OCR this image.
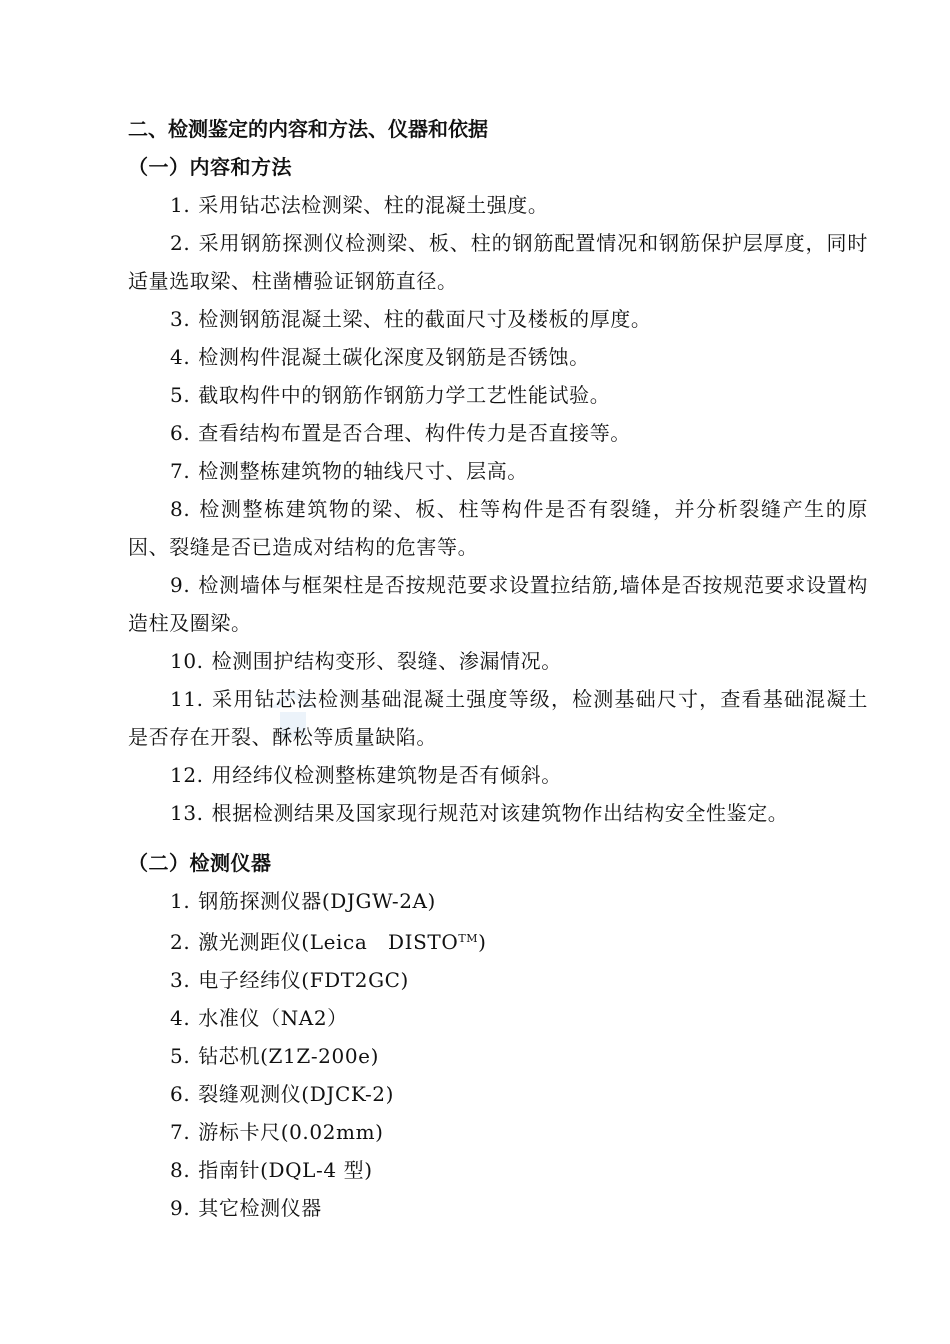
二、检测鉴定的内容和方法、仪器和依据
（一）内容和方法
1. 采用钻芯法检测梁、柱的混凝土强度。
2. 采用钢筋探测仪检测梁、板、柱的钢筋配置情况和钢筋保护层厚度，同时适量选取梁、柱凿槽验证钢筋直径。
3. 检测钢筋混凝土梁、柱的截面尺寸及楼板的厚度。
4. 检测构件混凝土碳化深度及钢筋是否锈蚀。
5. 截取构件中的钢筋作钢筋力学工艺性能试验。
6. 查看结构布置是否合理、构件传力是否直接等。
7. 检测整栋建筑物的轴线尺寸、层高。
8. 检测整栋建筑物的梁、板、柱等构件是否有裂缝，并分析裂缝产生的原因、裂缝是否已造成对结构的危害等。
9. 检测墙体与框架柱是否按规范要求设置拉结筋,墙体是否按规范要求设置构造柱及圈梁。
10. 检测围护结构变形、裂缝、渗漏情况。
11. 采用钻芯法检测基础混凝土强度等级，检测基础尺寸，查看基础混凝土是否存在开裂、酥松等质量缺陷。
12. 用经纬仪检测整栋建筑物是否有倾斜。
13. 根据检测结果及国家现行规范对该建筑物作出结构安全性鉴定。
（二）检测仪器
1. 钢筋探测仪器(DJGW-2A)
2. 激光测距仪(Leica　DISTO™)
3. 电子经纬仪(FDT2GC)
4. 水准仪（NA2）
5. 钻芯机(Z1Z-200e)
6. 裂缝观测仪(DJCK-2)
7. 游标卡尺(0.02mm)
8. 指南针(DQL-4 型)
9. 其它检测仪器
